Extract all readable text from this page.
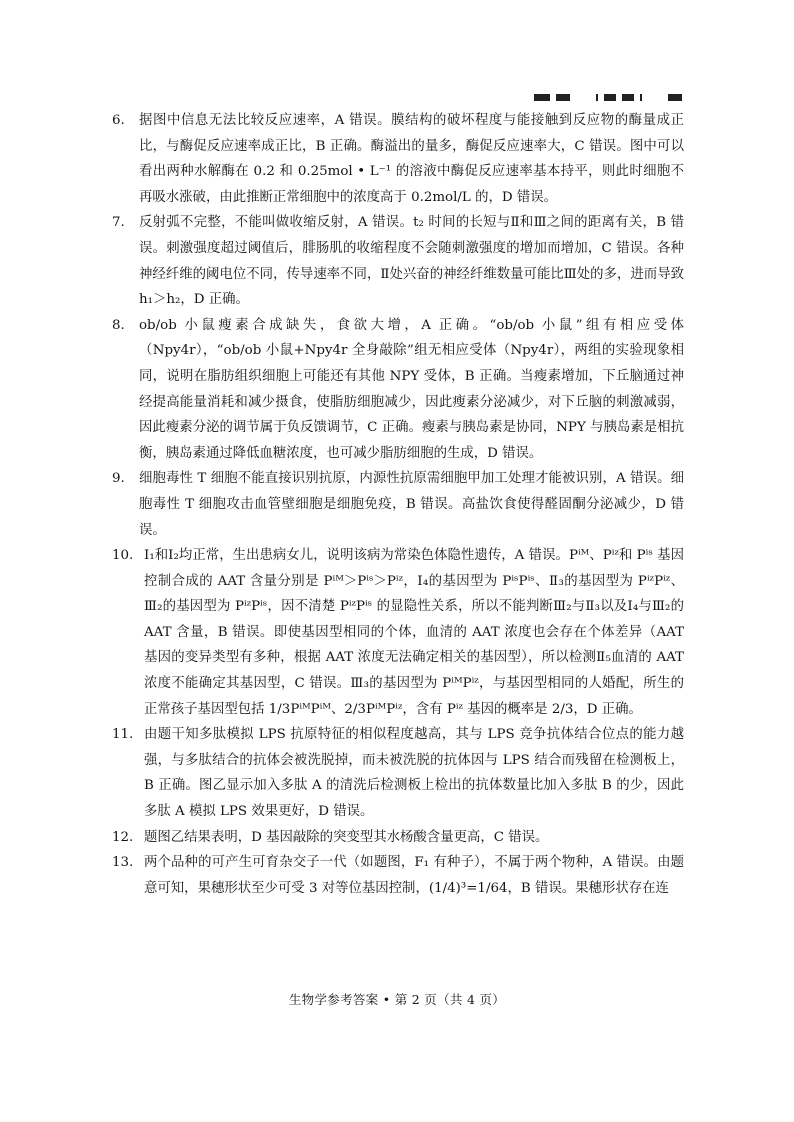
6. 据图中信息无法比较反应速率，A 错误。膜结构的破坏程度与能接触到反应物的酶量成正比，与酶促反应速率成正比，B 正确。酶溢出的量多，酶促反应速率大，C 错误。图中可以看出两种水解酶在 0.2 和 0.25mol • L⁻¹ 的溶液中酶促反应速率基本持平，则此时细胞不再吸水涨破，由此推断正常细胞中的浓度高于 0.2mol/L 的，D 错误。
7. 反射弧不完整，不能叫做收缩反射，A 错误。t₂ 时间的长短与Ⅱ和Ⅲ之间的距离有关，B 错误。刺激强度超过阈值后，腓肠肌的收缩程度不会随刺激强度的增加而增加，C 错误。各种神经纤维的阈电位不同，传导速率不同，Ⅱ处兴奋的神经纤维数量可能比Ⅲ处的多，进而导致 h₁＞h₂，D 正确。
8. ob/ob 小鼠瘦素合成缺失，食欲大增，A 正确。“ob/ob 小鼠”组有相应受体（Npy4r），“ob/ob 小鼠+Npy4r 全身敲除”组无相应受体（Npy4r），两组的实验现象相同，说明在脂肪组织细胞上可能还有其他 NPY 受体，B 正确。当瘦素增加，下丘脑通过神经提高能量消耗和减少摄食，使脂肪细胞减少，因此瘦素分泌减少，对下丘脑的刺激减弱，因此瘦素分泌的调节属于负反馈调节，C 正确。瘦素与胰岛素是协同，NPY 与胰岛素是相抗衡，胰岛素通过降低血糖浓度，也可减少脂肪细胞的生成，D 错误。
9. 细胞毒性 T 细胞不能直接识别抗原，内源性抗原需细胞甲加工处理才能被识别，A 错误。细胞毒性 T 细胞攻击血管壁细胞是细胞免疫，B 错误。高盐饮食使得醛固酮分泌减少，D 错误。
10. Ⅰ₁和Ⅰ₂均正常，生出患病女儿，说明该病为常染色体隐性遗传，A 错误。Pⁱᴹ、Pⁱᶻ和 Pⁱˢ 基因控制合成的 AAT 含量分别是 Pⁱᴹ＞Pⁱˢ＞Pⁱᶻ，Ⅰ₄的基因型为 PⁱˢPⁱˢ、Ⅱ₃的基因型为 PⁱᶻPⁱᶻ、Ⅲ₂的基因型为 PⁱᶻPⁱˢ，因不清楚 PⁱᶻPⁱˢ 的显隐性关系，所以不能判断Ⅲ₂与Ⅱ₃以及Ⅰ₄与Ⅲ₂的 AAT 含量，B 错误。即使基因型相同的个体，血清的 AAT 浓度也会存在个体差异（AAT 基因的变异类型有多种，根据 AAT 浓度无法确定相关的基因型），所以检测Ⅱ₅血清的 AAT 浓度不能确定其基因型，C 错误。Ⅲ₃的基因型为 PⁱᴹPⁱᶻ，与基因型相同的人婚配，所生的正常孩子基因型包括 1/3PⁱᴹPⁱᴹ、2/3PⁱᴹPⁱᶻ，含有 Pⁱᶻ 基因的概率是 2/3，D 正确。
11. 由题干知多肽模拟 LPS 抗原特征的相似程度越高，其与 LPS 竞争抗体结合位点的能力越强，与多肽结合的抗体会被洗脱掉，而未被洗脱的抗体因与 LPS 结合而残留在检测板上，B 正确。图乙显示加入多肽 A 的清洗后检测板上检出的抗体数量比加入多肽 B 的少，因此多肽 A 模拟 LPS 效果更好，D 错误。
12. 题图乙结果表明，D 基因敲除的突变型其水杨酸含量更高，C 错误。
13. 两个品种的可产生可育杂交子一代（如题图，F₁ 有种子），不属于两个物种，A 错误。由题意可知，果穗形状至少可受 3 对等位基因控制，(1/4)³=1/64，B 错误。果穗形状存在连
生物学参考答案 • 第 2 页（共 4 页）
